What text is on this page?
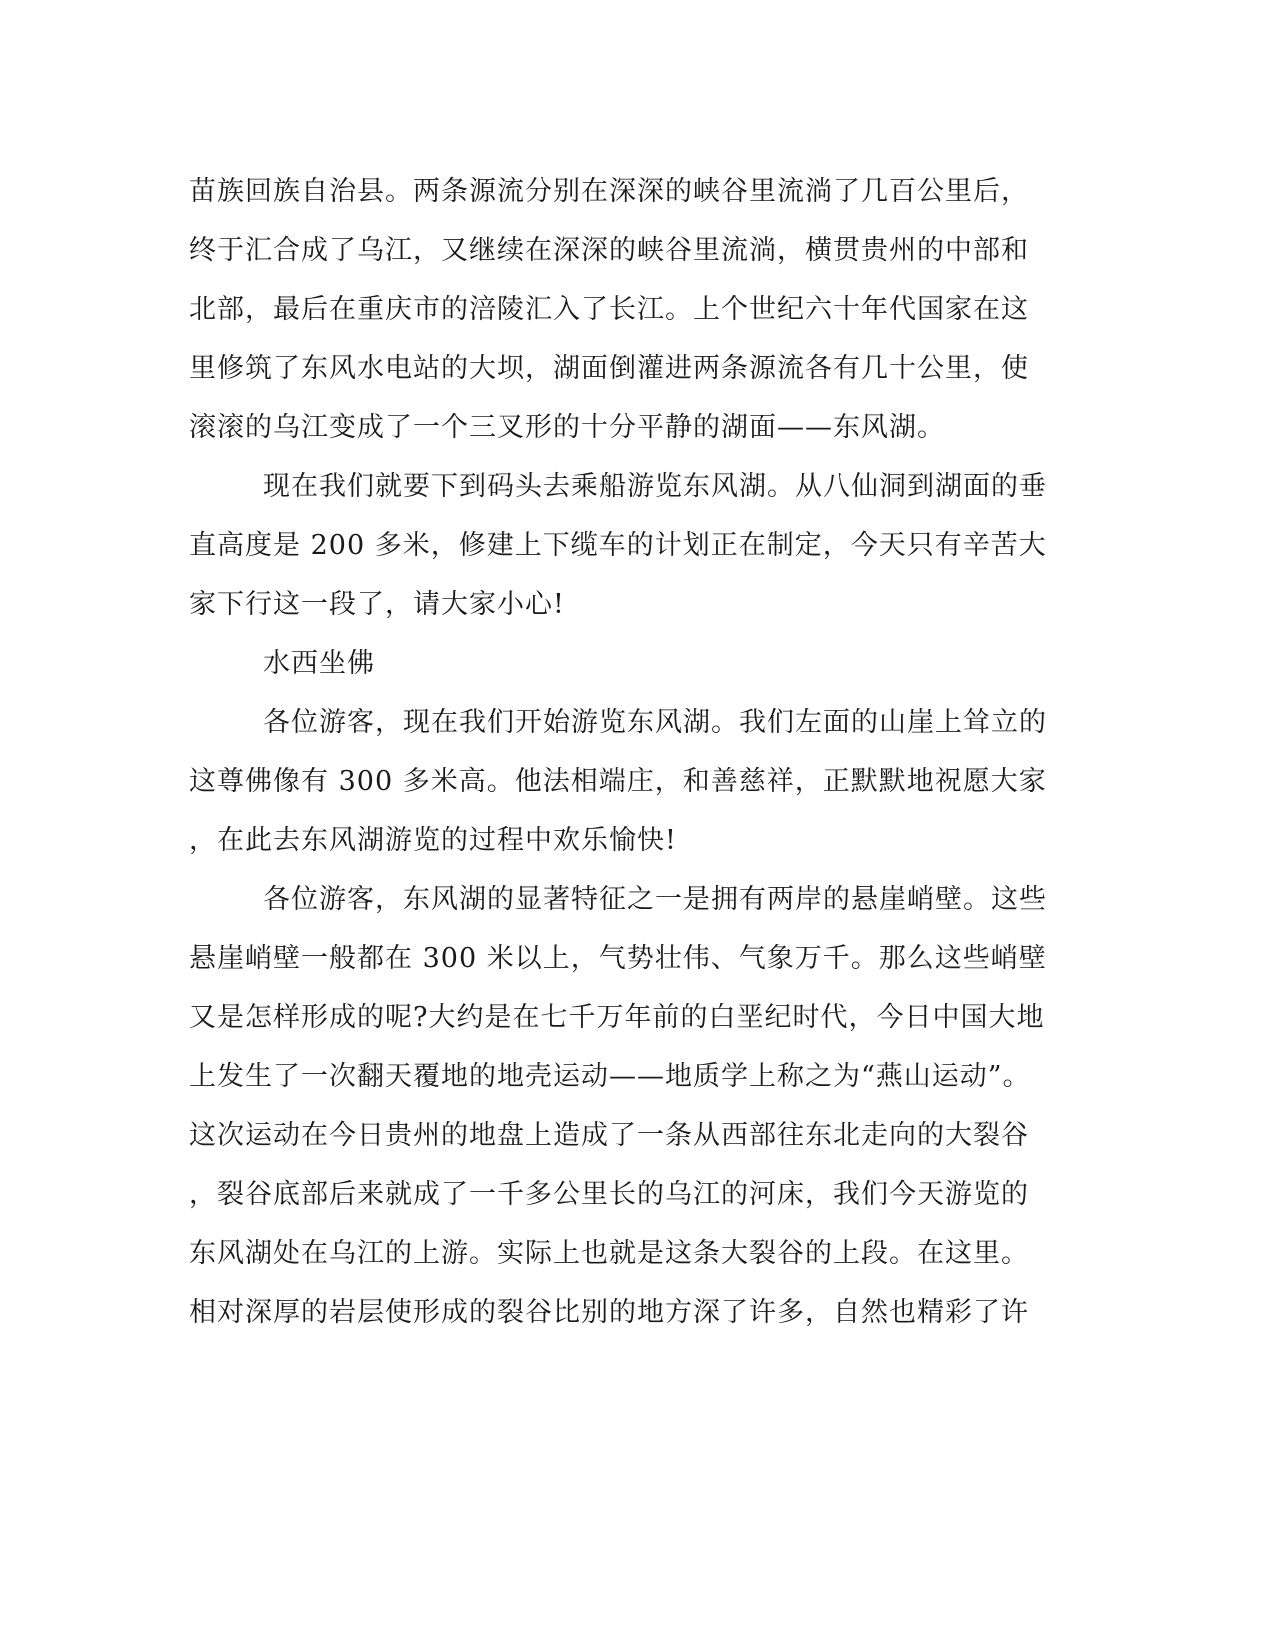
苗族回族自治县。两条源流分别在深深的峡谷里流淌了几百公里后，
终于汇合成了乌江，又继续在深深的峡谷里流淌，横贯贵州的中部和
北部，最后在重庆市的涪陵汇入了长江。上个世纪六十年代国家在这
里修筑了东风水电站的大坝，湖面倒灌进两条源流各有几十公里，使
滚滚的乌江变成了一个三叉形的十分平静的湖面——东风湖。
现在我们就要下到码头去乘船游览东风湖。从八仙洞到湖面的垂
直高度是 200 多米，修建上下缆车的计划正在制定，今天只有辛苦大
家下行这一段了，请大家小心!
水西坐佛
各位游客，现在我们开始游览东风湖。我们左面的山崖上耸立的
这尊佛像有 300 多米高。他法相端庄，和善慈祥，正默默地祝愿大家
，在此去东风湖游览的过程中欢乐愉快!
各位游客，东风湖的显著特征之一是拥有两岸的悬崖峭壁。这些
悬崖峭壁一般都在 300 米以上，气势壮伟、气象万千。那么这些峭壁
又是怎样形成的呢?大约是在七千万年前的白垩纪时代，今日中国大地
上发生了一次翻天覆地的地壳运动——地质学上称之为“燕山运动”。
这次运动在今日贵州的地盘上造成了一条从西部往东北走向的大裂谷
，裂谷底部后来就成了一千多公里长的乌江的河床，我们今天游览的
东风湖处在乌江的上游。实际上也就是这条大裂谷的上段。在这里。
相对深厚的岩层使形成的裂谷比别的地方深了许多，自然也精彩了许
